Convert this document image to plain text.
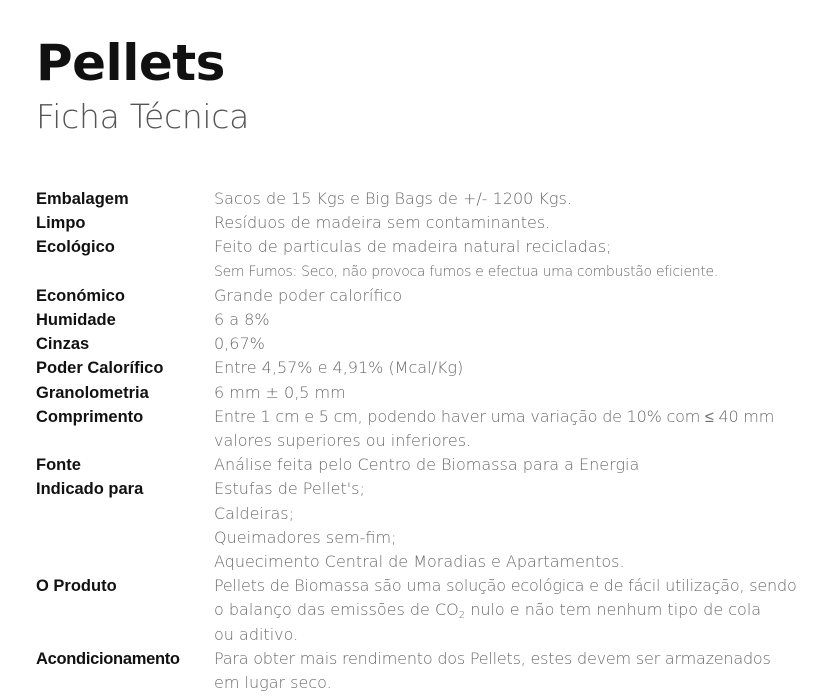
Pellets
Ficha Técnica
Embalagem	Sacos de 15 Kgs e Big Bags de +/- 1200 Kgs.
Limpo	Resíduos de madeira sem contaminantes.
Ecológico	Feito de particulas de madeira natural recicladas;
Sem Fumos: Seco, não provoca fumos e efectua uma combustão eficiente.
Económico	Grande poder calorífico
Humidade	6 a 8%
Cinzas	0,67%
Poder Calorífico	Entre 4,57% e 4,91% (Mcal/Kg)
Granolometria	6 mm ± 0,5 mm
Comprimento	Entre 1 cm e 5 cm, podendo haver uma variação de 10% com ≤ 40 mm
valores superiores ou inferiores.
Fonte	Análise feita pelo Centro de Biomassa para a Energia
Indicado para	Estufas de Pellet's;
Caldeiras;
Queimadores sem-fim;
Aquecimento Central de Moradias e Apartamentos.
O Produto	Pellets de Biomassa são uma solução ecológica e de fácil utilização, sendo
o balanço das emissões de $CO_2$ nulo e não tem nenhum tipo de cola
ou aditivo.
Acondicionamento	Para obter mais rendimento dos Pellets, estes devem ser armazenados
em lugar seco.
